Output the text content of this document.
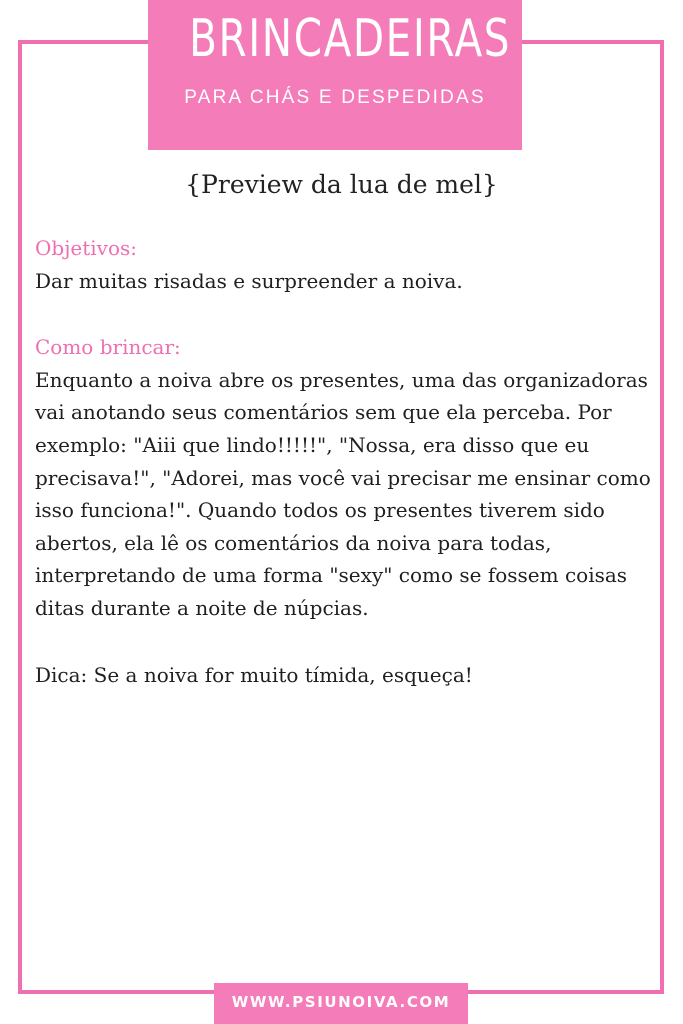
BRINCADEIRAS
PARA CHÁS E DESPEDIDAS
{Preview da lua de mel}
Objetivos:
Dar muitas risadas e surpreender a noiva.
Como brincar:
Enquanto a noiva abre os presentes, uma das organizadoras vai anotando seus comentários sem que ela perceba. Por exemplo: "Aiii que lindo!!!!!", "Nossa, era disso que eu precisava!", "Adorei, mas você vai precisar me ensinar como isso funciona!". Quando todos os presentes tiverem sido abertos, ela lê os comentários da noiva para todas, interpretando de uma forma "sexy" como se fossem coisas ditas durante a noite de núpcias.
Dica: Se a noiva for muito tímida, esqueça!
WWW.PSIUNOIVA.COM
